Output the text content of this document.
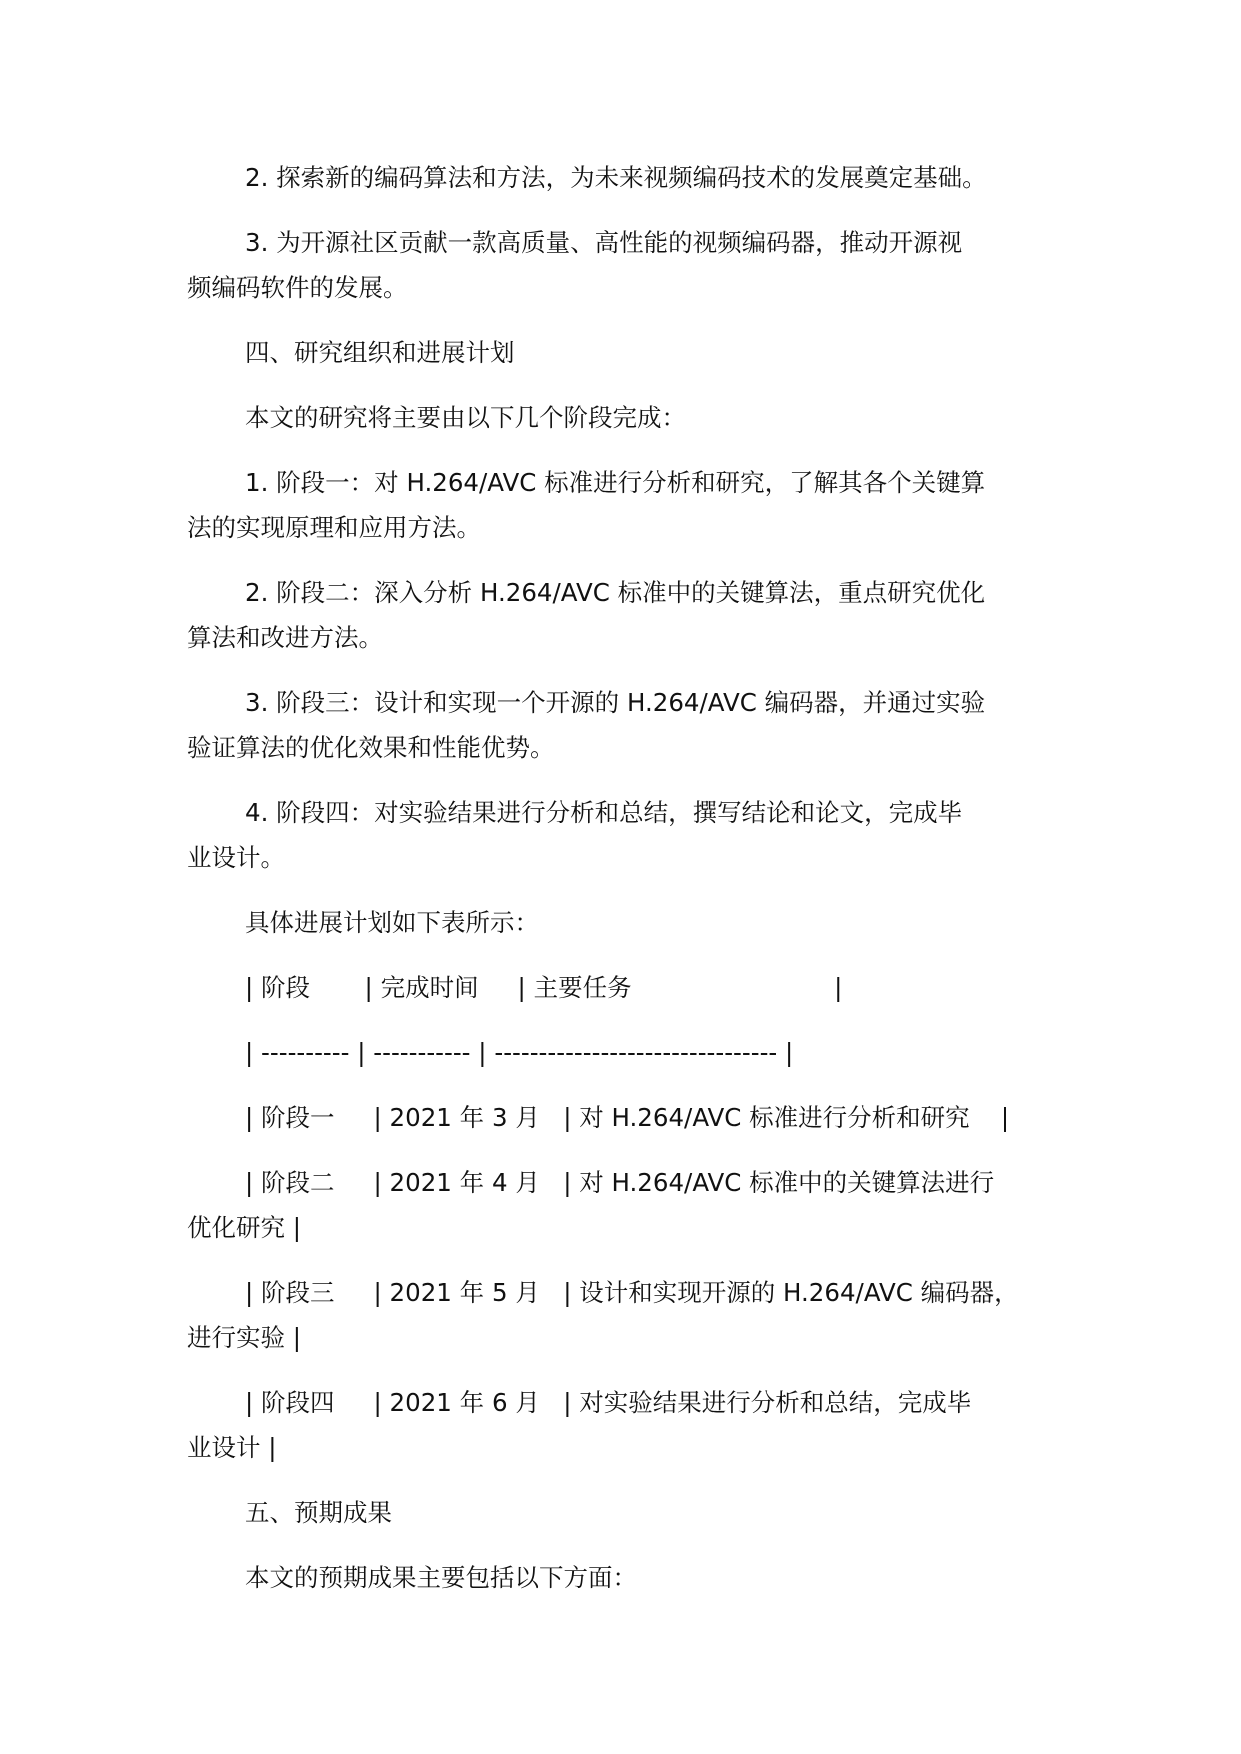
2. 探索新的编码算法和方法，为未来视频编码技术的发展奠定基础。

3. 为开源社区贡献一款高质量、高性能的视频编码器，推动开源视
频编码软件的发展。

四、研究组织和进展计划

本文的研究将主要由以下几个阶段完成：

1. 阶段一：对 H.264/AVC 标准进行分析和研究，了解其各个关键算
法的实现原理和应用方法。

2. 阶段二：深入分析 H.264/AVC 标准中的关键算法，重点研究优化
算法和改进方法。

3. 阶段三：设计和实现一个开源的 H.264/AVC 编码器，并通过实验
验证算法的优化效果和性能优势。

4. 阶段四：对实验结果进行分析和总结，撰写结论和论文，完成毕
业设计。

具体进展计划如下表所示：

| 阶段       | 完成时间     | 主要任务                          |

| ---------- | ----------- | -------------------------------- |

| 阶段一     | 2021 年 3 月   | 对 H.264/AVC 标准进行分析和研究    |

| 阶段二     | 2021 年 4 月   | 对 H.264/AVC 标准中的关键算法进行
优化研究 |

| 阶段三     | 2021 年 5 月   | 设计和实现开源的 H.264/AVC 编码器，
进行实验 |

| 阶段四     | 2021 年 6 月   | 对实验结果进行分析和总结，完成毕
业设计 |

五、预期成果

本文的预期成果主要包括以下方面：
